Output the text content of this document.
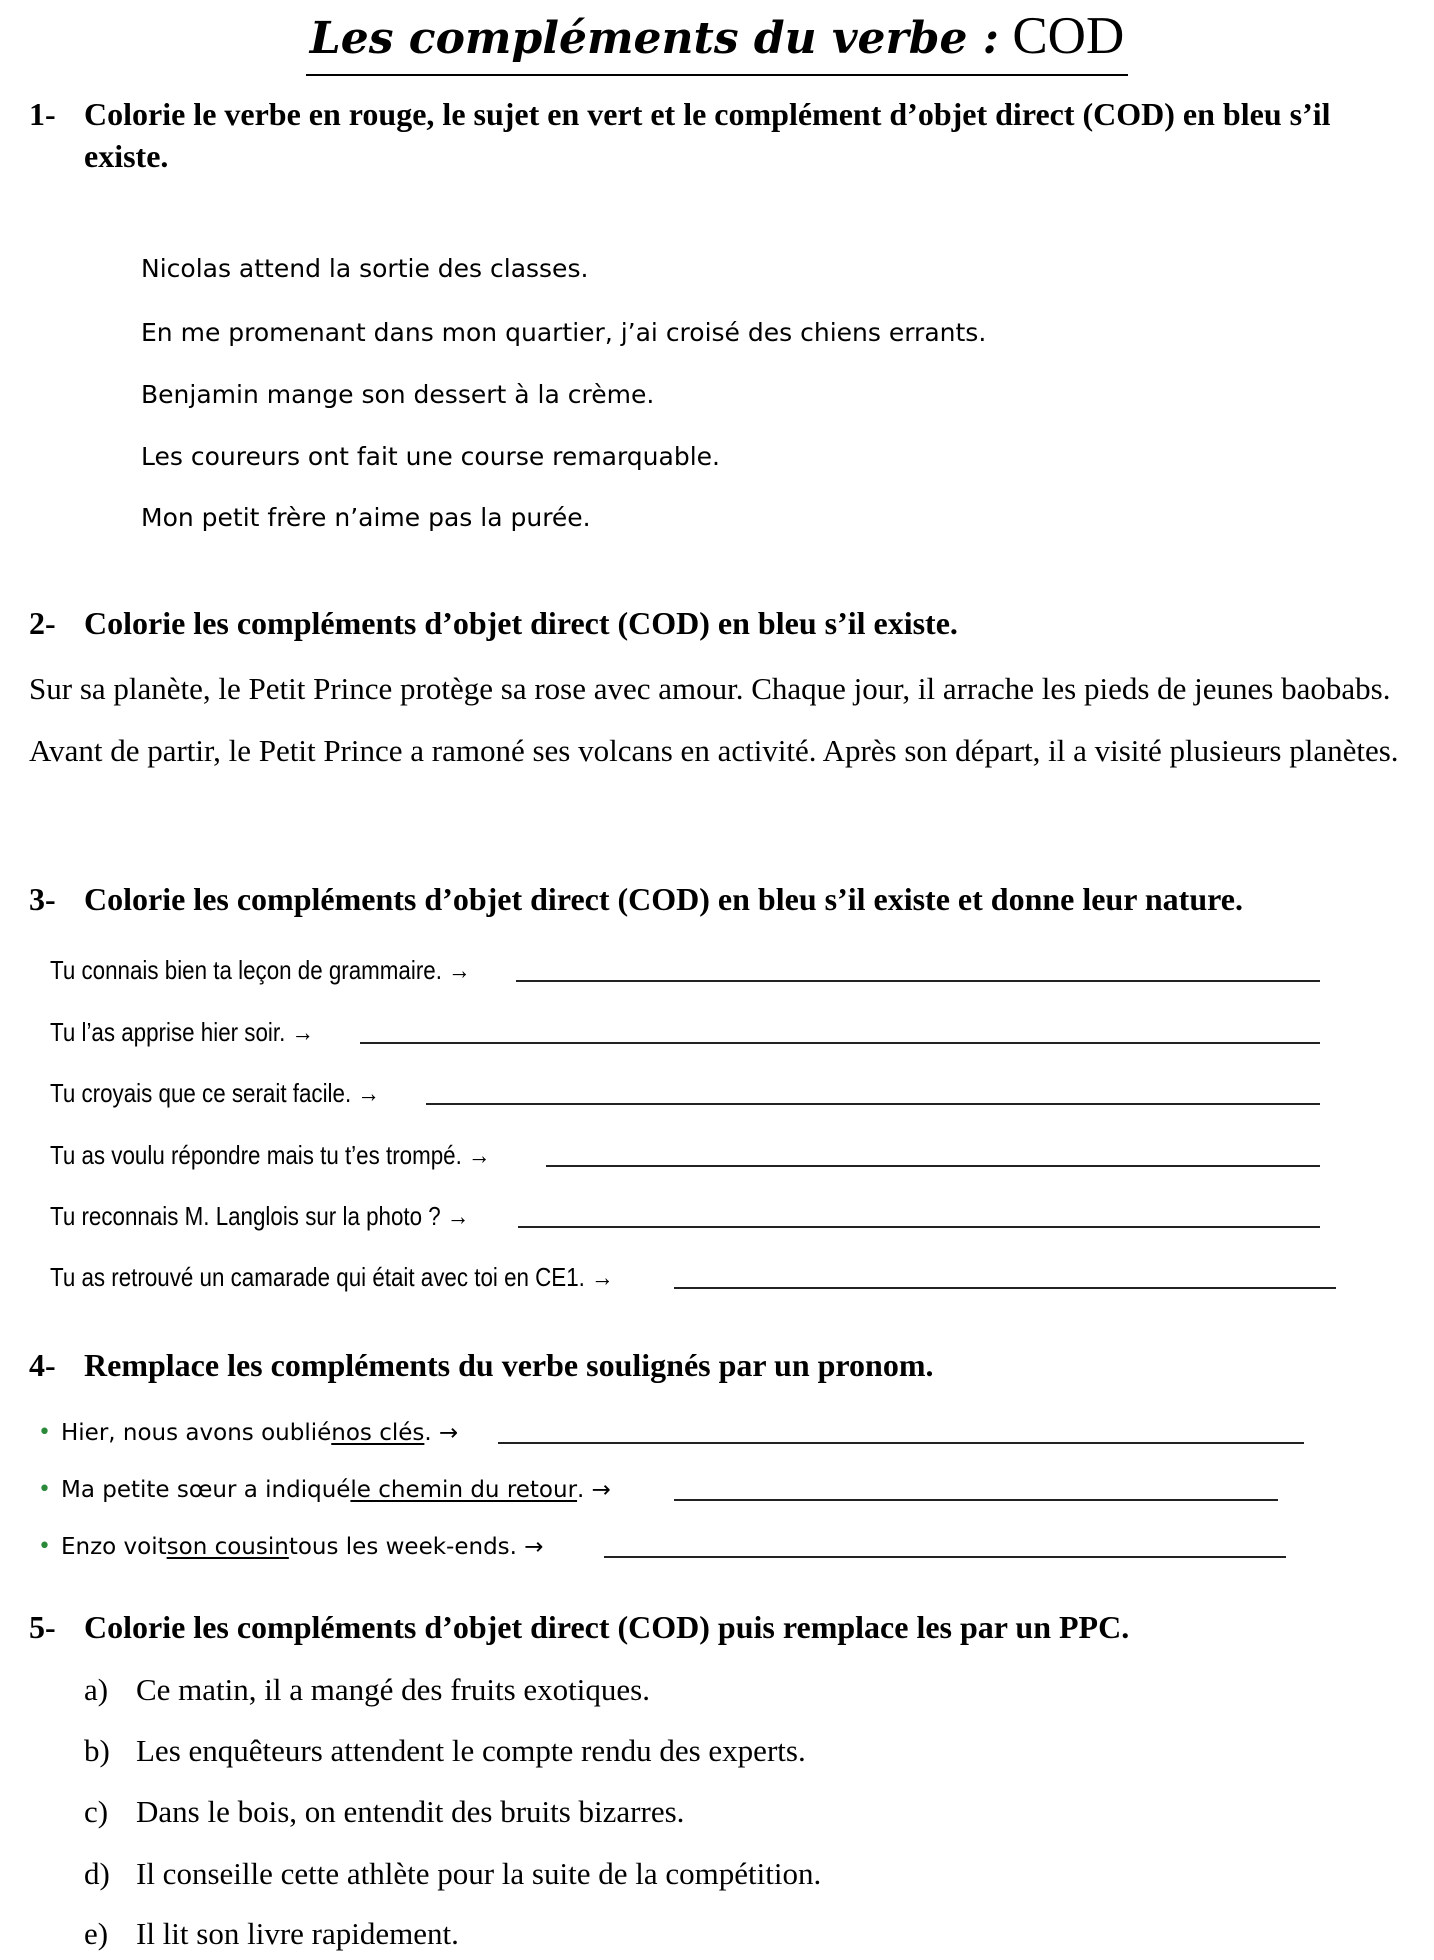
Les compléments du verbe : COD
1- Colorie le verbe en rouge, le sujet en vert et le complément d’objet direct (COD) en bleu s’il existe.
Nicolas attend la sortie des classes.
En me promenant dans mon quartier, j’ai croisé des chiens errants.
Benjamin mange son dessert à la crème.
Les coureurs ont fait une course remarquable.
Mon petit frère n’aime pas la purée.
2- Colorie les compléments d’objet direct (COD) en bleu s’il existe.
Sur sa planète, le Petit Prince protège sa rose avec amour. Chaque jour, il arrache les pieds de jeunes baobabs. Avant de partir, le Petit Prince a ramoné ses volcans en activité. Après son départ, il a visité plusieurs planètes.
3- Colorie les compléments d’objet direct (COD) en bleu s’il existe et donne leur nature.
Tu connais bien ta leçon de grammaire. →
Tu l’as apprise hier soir. →
Tu croyais que ce serait facile. →
Tu as voulu répondre mais tu t’es trompé. →
Tu reconnais M. Langlois sur la photo ? →
Tu as retrouvé un camarade qui était avec toi en CE1. →
4- Remplace les compléments du verbe soulignés par un pronom.
• Hier, nous avons oublié nos clés . →
• Ma petite sœur a indiqué le chemin du retour . →
• Enzo voit son cousin tous les week-ends. →
5- Colorie les compléments d’objet direct (COD) puis remplace les par un PPC.
a) Ce matin, il a mangé des fruits exotiques.
b) Les enquêteurs attendent le compte rendu des experts.
c) Dans le bois, on entendit des bruits bizarres.
d) Il conseille cette athlète pour la suite de la compétition.
e) Il lit son livre rapidement.
